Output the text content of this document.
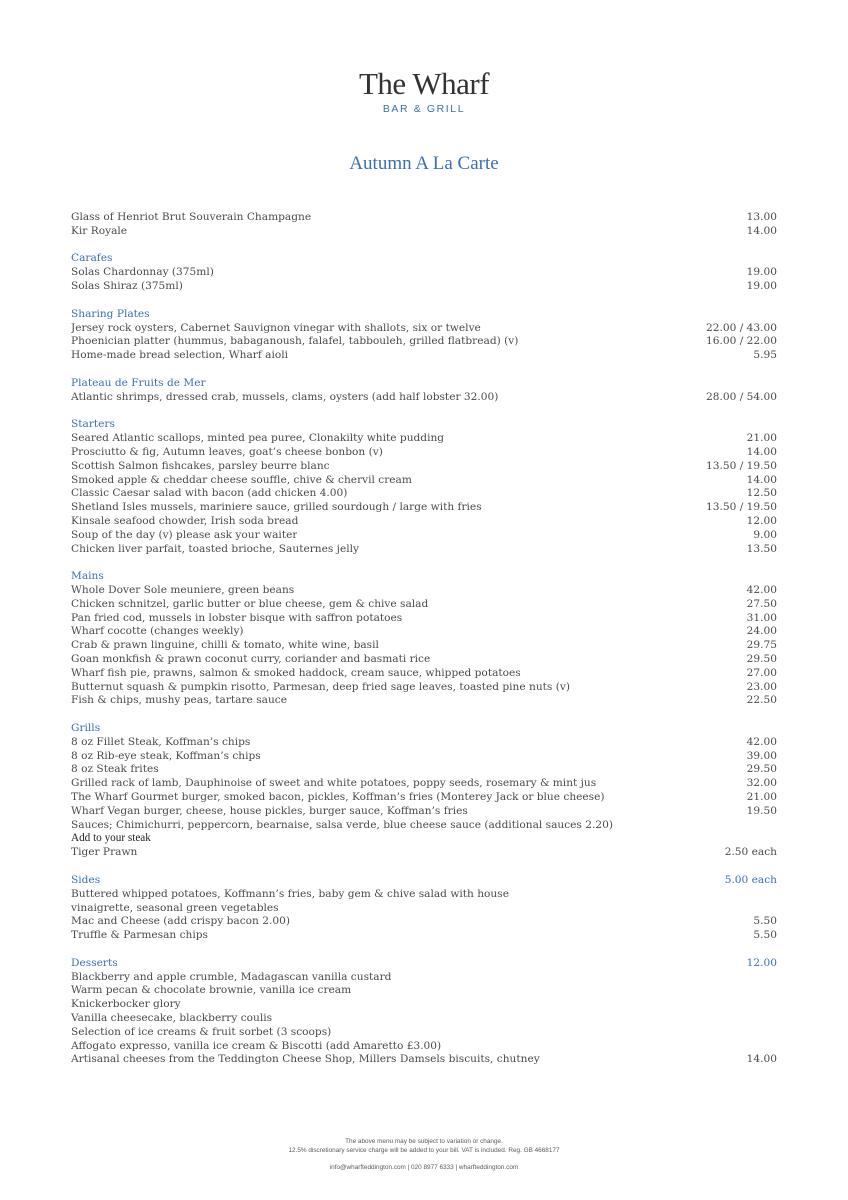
The Wharf
BAR & GRILL
Autumn A La Carte
Glass of Henriot Brut Souverain Champagne	13.00
Kir Royale	14.00
Carafes
Solas Chardonnay (375ml)	19.00
Solas Shiraz (375ml)	19.00
Sharing Plates
Jersey rock oysters, Cabernet Sauvignon vinegar with shallots, six or twelve	22.00 / 43.00
Phoenician platter (hummus, babaganoush, falafel, tabbouleh, grilled flatbread) (v)	16.00 / 22.00
Home-made bread selection, Wharf aioli	5.95
Plateau de Fruits de Mer
Atlantic shrimps, dressed crab, mussels, clams, oysters (add half lobster 32.00)	28.00 / 54.00
Starters
Seared Atlantic scallops, minted pea puree, Clonakilty white pudding	21.00
Prosciutto & fig, Autumn leaves, goat’s cheese bonbon (v)	14.00
Scottish Salmon fishcakes, parsley beurre blanc	13.50 / 19.50
Smoked apple & cheddar cheese souffle, chive & chervil cream	14.00
Classic Caesar salad with bacon (add chicken 4.00)	12.50
Shetland Isles mussels, mariniere sauce, grilled sourdough / large with fries	13.50 / 19.50
Kinsale seafood chowder, Irish soda bread	12.00
Soup of the day (v) please ask your waiter	9.00
Chicken liver parfait, toasted brioche, Sauternes jelly	13.50
Mains
Whole Dover Sole meuniere, green beans	42.00
Chicken schnitzel, garlic butter or blue cheese, gem & chive salad	27.50
Pan fried cod, mussels in lobster bisque with saffron potatoes	31.00
Wharf cocotte (changes weekly)	24.00
Crab & prawn linguine, chilli & tomato, white wine, basil	29.75
Goan monkfish & prawn coconut curry, coriander and basmati rice	29.50
Wharf fish pie, prawns, salmon & smoked haddock, cream sauce, whipped potatoes	27.00
Butternut squash & pumpkin risotto, Parmesan, deep fried sage leaves, toasted pine nuts (v)	23.00
Fish & chips, mushy peas, tartare sauce	22.50
Grills
8 oz Fillet Steak, Koffman’s chips	42.00
8 oz Rib-eye steak, Koffman’s chips	39.00
8 oz Steak frites	29.50
Grilled rack of lamb, Dauphinoise of sweet and white potatoes, poppy seeds, rosemary & mint jus	32.00
The Wharf Gourmet burger, smoked bacon, pickles, Koffman’s fries (Monterey Jack or blue cheese)	21.00
Wharf Vegan burger, cheese, house pickles, burger sauce, Koffman’s fries	19.50
Sauces; Chimichurri, peppercorn, bearnaise, salsa verde, blue cheese sauce (additional sauces 2.20)
Add to your steak
Tiger Prawn	2.50 each
Sides	5.00 each
Buttered whipped potatoes, Koffmann’s fries, baby gem & chive salad with house vinaigrette, seasonal green vegetables
Mac and Cheese (add crispy bacon 2.00)	5.50
Truffle & Parmesan chips	5.50
Desserts	12.00
Blackberry and apple crumble, Madagascan vanilla custard
Warm pecan & chocolate brownie, vanilla ice cream
Knickerbocker glory
Vanilla cheesecake, blackberry coulis
Selection of ice creams & fruit sorbet (3 scoops)
Affogato expresso, vanilla ice cream & Biscotti (add Amaretto £3.00)
Artisanal cheeses from the Teddington Cheese Shop, Millers Damsels biscuits, chutney	14.00
The above menu may be subject to variation or change.
12.5% discretionary service charge will be added to your bill. VAT is included. Reg. GB 4668177
info@wharfteddington.com | 020 8977 6333 | wharfteddington.com
